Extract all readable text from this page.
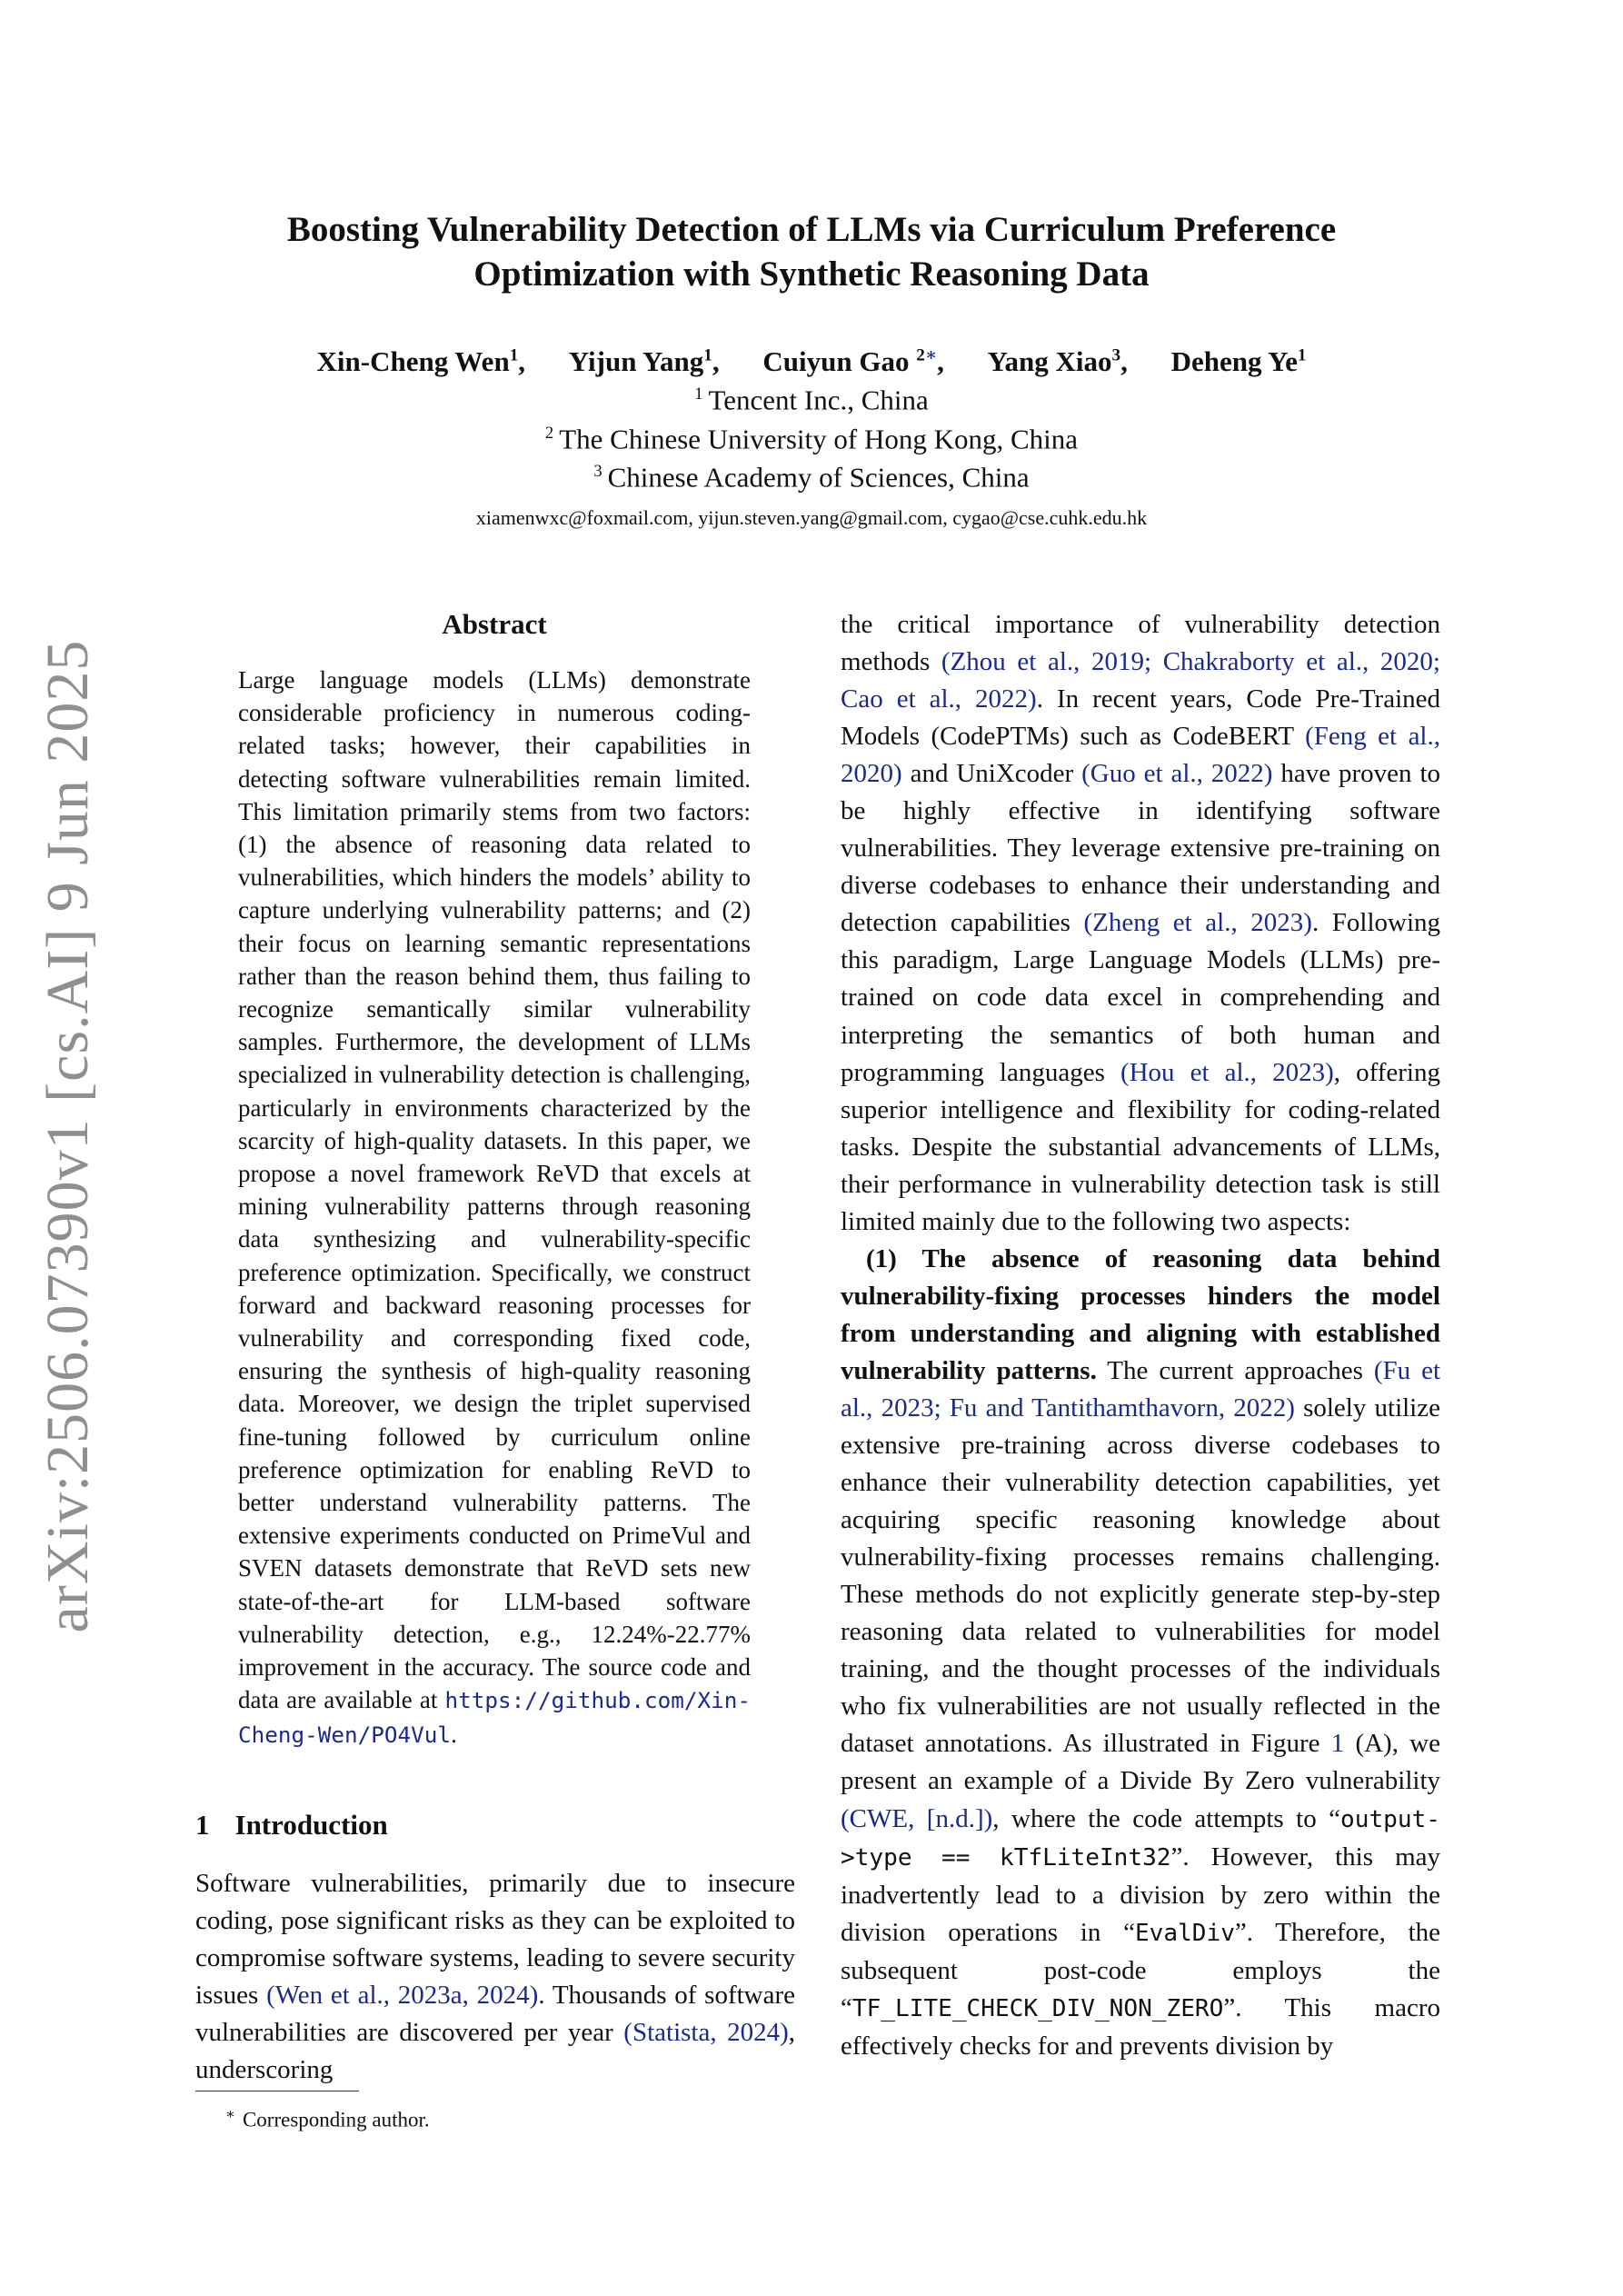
arXiv:2506.07390v1 [cs.AI] 9 Jun 2025
Boosting Vulnerability Detection of LLMs via Curriculum Preference
Optimization with Synthetic Reasoning Data
Xin-Cheng Wen$^1$, Yijun Yang$^1$, Cuiyun Gao $^{2∗}$, Yang Xiao$^3$, Deheng Ye$^1$
$^1$ Tencent Inc., China
$^2$ The Chinese University of Hong Kong, China
$^3$ Chinese Academy of Sciences, China
xiamenwxc@foxmail.com, yijun.steven.yang@gmail.com, cygao@cse.cuhk.edu.hk
Abstract

Large language models (LLMs) demonstrate considerable proficiency in numerous coding-related tasks; however, their capabilities in detecting software vulnerabilities remain limited. This limitation primarily stems from two factors: (1) the absence of reasoning data related to vulnerabilities, which hinders the models’ ability to capture underlying vulnerability patterns; and (2) their focus on learning semantic representations rather than the reason behind them, thus failing to recognize semantically similar vulnerability samples. Furthermore, the development of LLMs specialized in vulnerability detection is challenging, particularly in environments characterized by the scarcity of high-quality datasets. In this paper, we propose a novel framework ReVD that excels at mining vulnerability patterns through reasoning data synthesizing and vulnerability-specific preference optimization. Specifically, we construct forward and backward reasoning processes for vulnerability and corresponding fixed code, ensuring the synthesis of high-quality reasoning data. Moreover, we design the triplet supervised fine-tuning followed by curriculum online preference optimization for enabling ReVD to better understand vulnerability patterns. The extensive experiments conducted on PrimeVul and SVEN datasets demonstrate that ReVD sets new state-of-the-art for LLM-based software vulnerability detection, e.g., 12.24%-22.77% improvement in the accuracy. The source code and data are available at https://github.com/Xin-Cheng-Wen/PO4Vul.

1 Introduction

Software vulnerabilities, primarily due to insecure coding, pose significant risks as they can be exploited to compromise software systems, leading to severe security issues (Wen et al., 2023a, 2024). Thousands of software vulnerabilities are discovered per year (Statista, 2024), underscoring

∗ Corresponding author.

the critical importance of vulnerability detection methods (Zhou et al., 2019; Chakraborty et al., 2020; Cao et al., 2022). In recent years, Code Pre-Trained Models (CodePTMs) such as CodeBERT (Feng et al., 2020) and UniXcoder (Guo et al., 2022) have proven to be highly effective in identifying software vulnerabilities. They leverage extensive pre-training on diverse codebases to enhance their understanding and detection capabilities (Zheng et al., 2023). Following this paradigm, Large Language Models (LLMs) pre-trained on code data excel in comprehending and interpreting the semantics of both human and programming languages (Hou et al., 2023), offering superior intelligence and flexibility for coding-related tasks. Despite the substantial advancements of LLMs, their performance in vulnerability detection task is still limited mainly due to the following two aspects:

(1) The absence of reasoning data behind vulnerability-fixing processes hinders the model from understanding and aligning with established vulnerability patterns. The current approaches (Fu et al., 2023; Fu and Tantithamthavorn, 2022) solely utilize extensive pre-training across diverse codebases to enhance their vulnerability detection capabilities, yet acquiring specific reasoning knowledge about vulnerability-fixing processes remains challenging. These methods do not explicitly generate step-by-step reasoning data related to vulnerabilities for model training, and the thought processes of the individuals who fix vulnerabilities are not usually reflected in the dataset annotations. As illustrated in Figure 1 (A), we present an example of a Divide By Zero vulnerability (CWE, [n.d.]), where the code attempts to “output->type == kTfLiteInt32”. However, this may inadvertently lead to a division by zero within the division operations in “EvalDiv”. Therefore, the subsequent post-code employs the “TF_LITE_CHECK_DIV_NON_ZERO”. This macro effectively checks for and prevents division by
